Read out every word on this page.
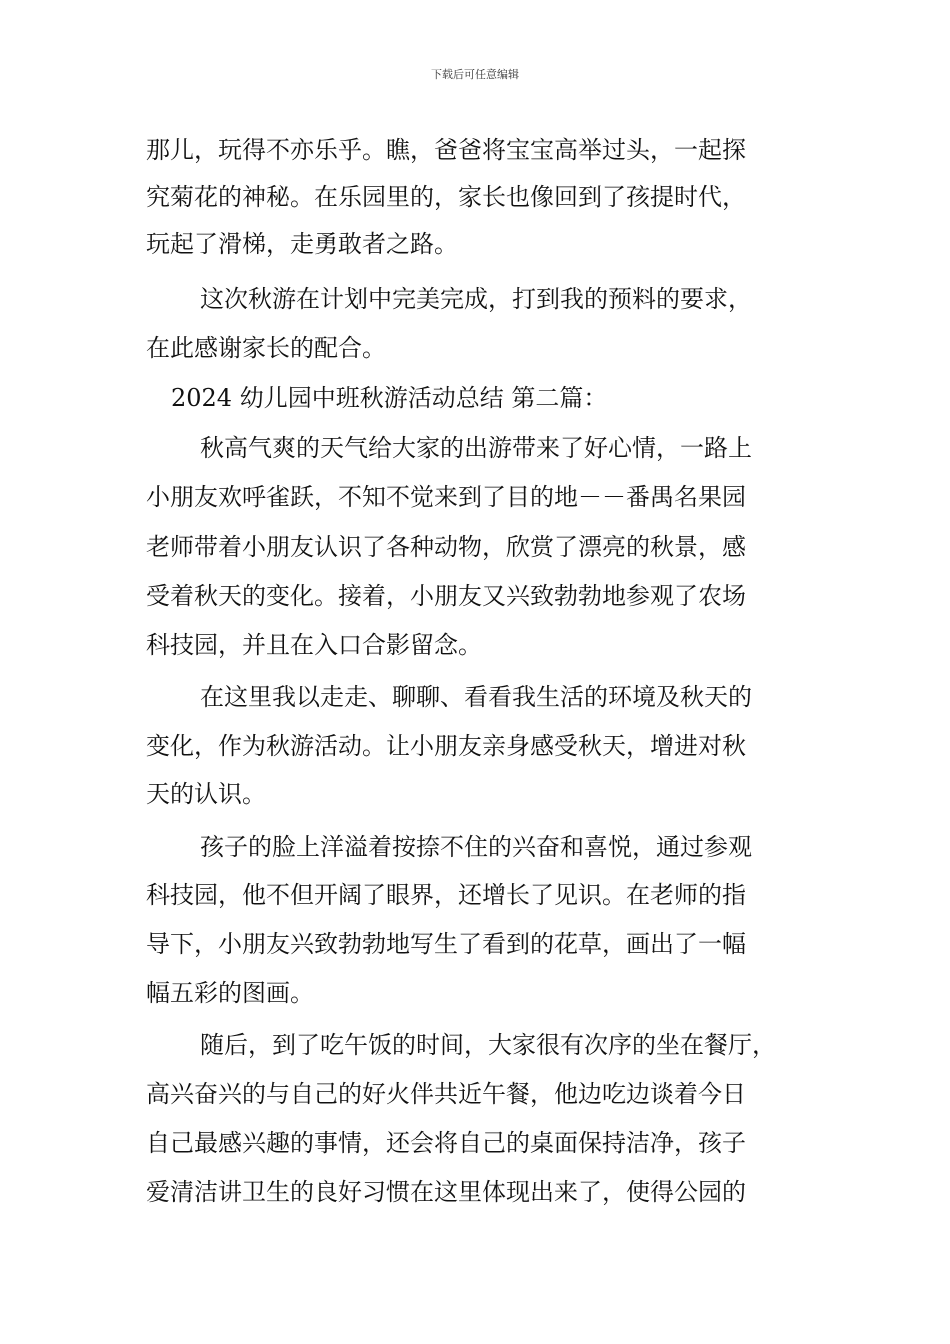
下载后可任意编辑
那儿，玩得不亦乐乎。瞧，爸爸将宝宝高举过头，一起探
究菊花的神秘。在乐园里的，家长也像回到了孩提时代，
玩起了滑梯，走勇敢者之路。
这次秋游在计划中完美完成，打到我的预料的要求，
在此感谢家长的配合。
2024 幼儿园中班秋游活动总结 第二篇：
秋高气爽的天气给大家的出游带来了好心情，一路上
小朋友欢呼雀跃，不知不觉来到了目的地－－番禺名果园
老师带着小朋友认识了各种动物，欣赏了漂亮的秋景，感
受着秋天的变化。接着，小朋友又兴致勃勃地参观了农场
科技园，并且在入口合影留念。
在这里我以走走、聊聊、看看我生活的环境及秋天的
变化，作为秋游活动。让小朋友亲身感受秋天，增进对秋
天的认识。
孩子的脸上洋溢着按捺不住的兴奋和喜悦，通过参观
科技园，他不但开阔了眼界，还增长了见识。在老师的指
导下，小朋友兴致勃勃地写生了看到的花草，画出了一幅
幅五彩的图画。
随后，到了吃午饭的时间，大家很有次序的坐在餐厅，
高兴奋兴的与自己的好火伴共近午餐，他边吃边谈着今日
自己最感兴趣的事情，还会将自己的桌面保持洁净，孩子
爱清洁讲卫生的良好习惯在这里体现出来了，使得公园的
